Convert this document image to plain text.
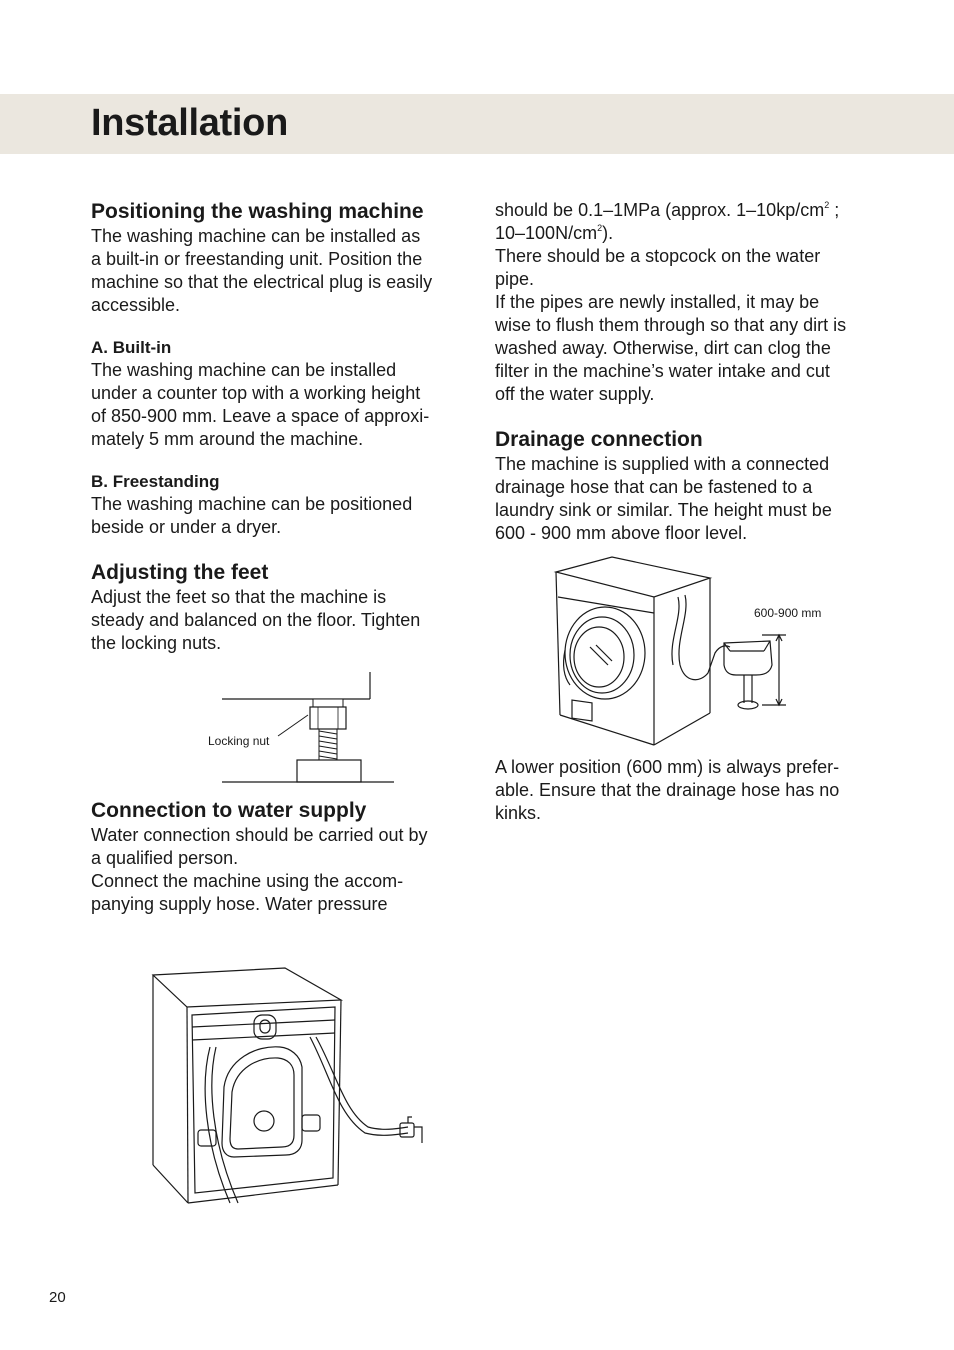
Installation
Positioning the washing machine

The washing machine can be installed as
a built-in or freestanding unit. Position the
machine so that the electrical plug is easily
accessible.

A. Built-in

The washing machine can be installed
under a counter top with a working height
of 850-900 mm. Leave a space of approxi-
mately 5 mm around the machine.

B. Freestanding

The washing machine can be positioned
beside or under a dryer.

Adjusting the feet

Adjust the feet so that the machine is
steady and balanced on the floor. Tighten
the locking nuts.

Locking nut
Connection to water supply

Water connection should be carried out by
a qualified person.
Connect the machine using the accom-
panying supply hose. Water pressure

should be 0.1–1MPa (approx. $1-10kp/cm^2$ ;
$10-100N/cm^2$).
There should be a stopcock on the water
pipe.
If the pipes are newly installed, it may be
wise to flush them through so that any dirt is
washed away. Otherwise, dirt can clog the
filter in the machine’s water intake and cut
off the water supply.

Drainage connection

The machine is supplied with a connected
drainage hose that can be fastened to a
laundry sink or similar. The height must be
600 - 900 mm above floor level.

600-900 mm

A lower position (600 mm) is always prefer-
able. Ensure that the drainage hose has no
kinks.

20
